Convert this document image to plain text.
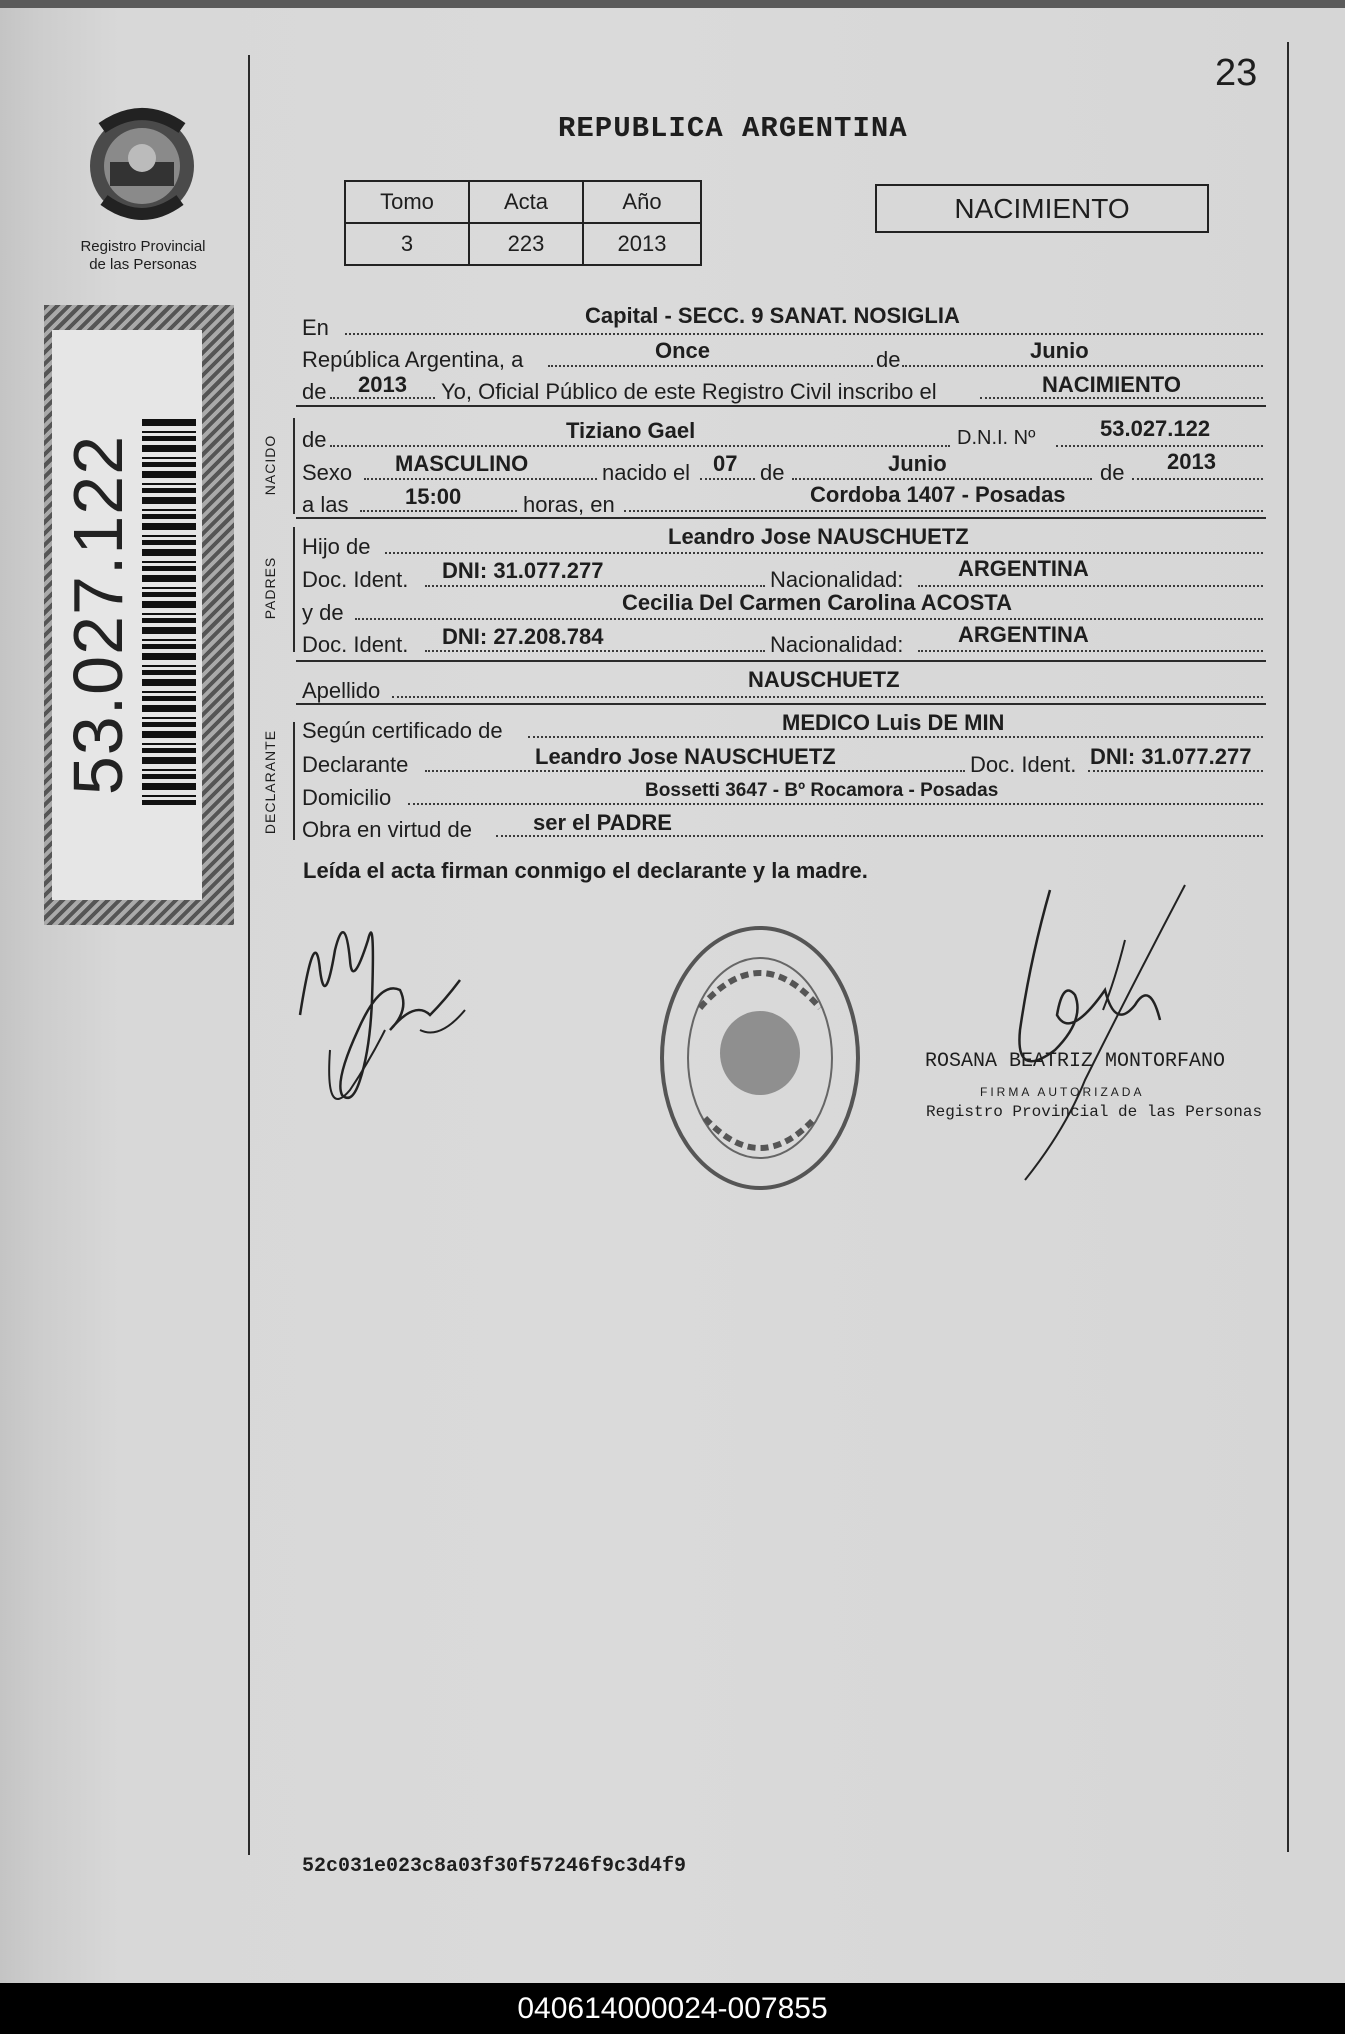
Registro Provincial
de las Personas
53.027.122
23
REPUBLICA ARGENTINA
Tomo	Acta	Año
3	223	2013
NACIMIENTO
En	Capital - SECC. 9 SANAT. NOSIGLIA
República Argentina, a	Once	de	Junio
de 2013 Yo, Oficial Público de este Registro Civil inscribo el	NACIMIENTO
NACIDO de	Tiziano Gael	D.N.I. Nº	53.027.122
Sexo MASCULINO	nacido el 07 de	Junio	de 2013
a las	15:00	horas, en	Cordoba 1407 - Posadas
PADRES
Hijo de	Leandro Jose NAUSCHUETZ
Doc. Ident. DNI: 31.077.277	Nacionalidad: ARGENTINA
y de	Cecilia Del Carmen Carolina ACOSTA
Doc. Ident. DNI: 27.208.784	Nacionalidad: ARGENTINA
Apellido	NAUSCHUETZ
DECLARANTE Según certificado de	MEDICO Luis DE MIN
Declarante	Leandro Jose NAUSCHUETZ	Doc. Ident. DNI: 31.077.277
Domicilio	Bossetti 3647 - Bº Rocamora - Posadas
Obra en virtud de	ser el PADRE
Leída el acta firman conmigo el declarante y la madre.
ROSANA BEATRIZ MONTORFANO
FIRMA AUTORIZADA
Registro Provincial de las Personas
52c031e023c8a03f30f57246f9c3d4f9
040614000024-007855
